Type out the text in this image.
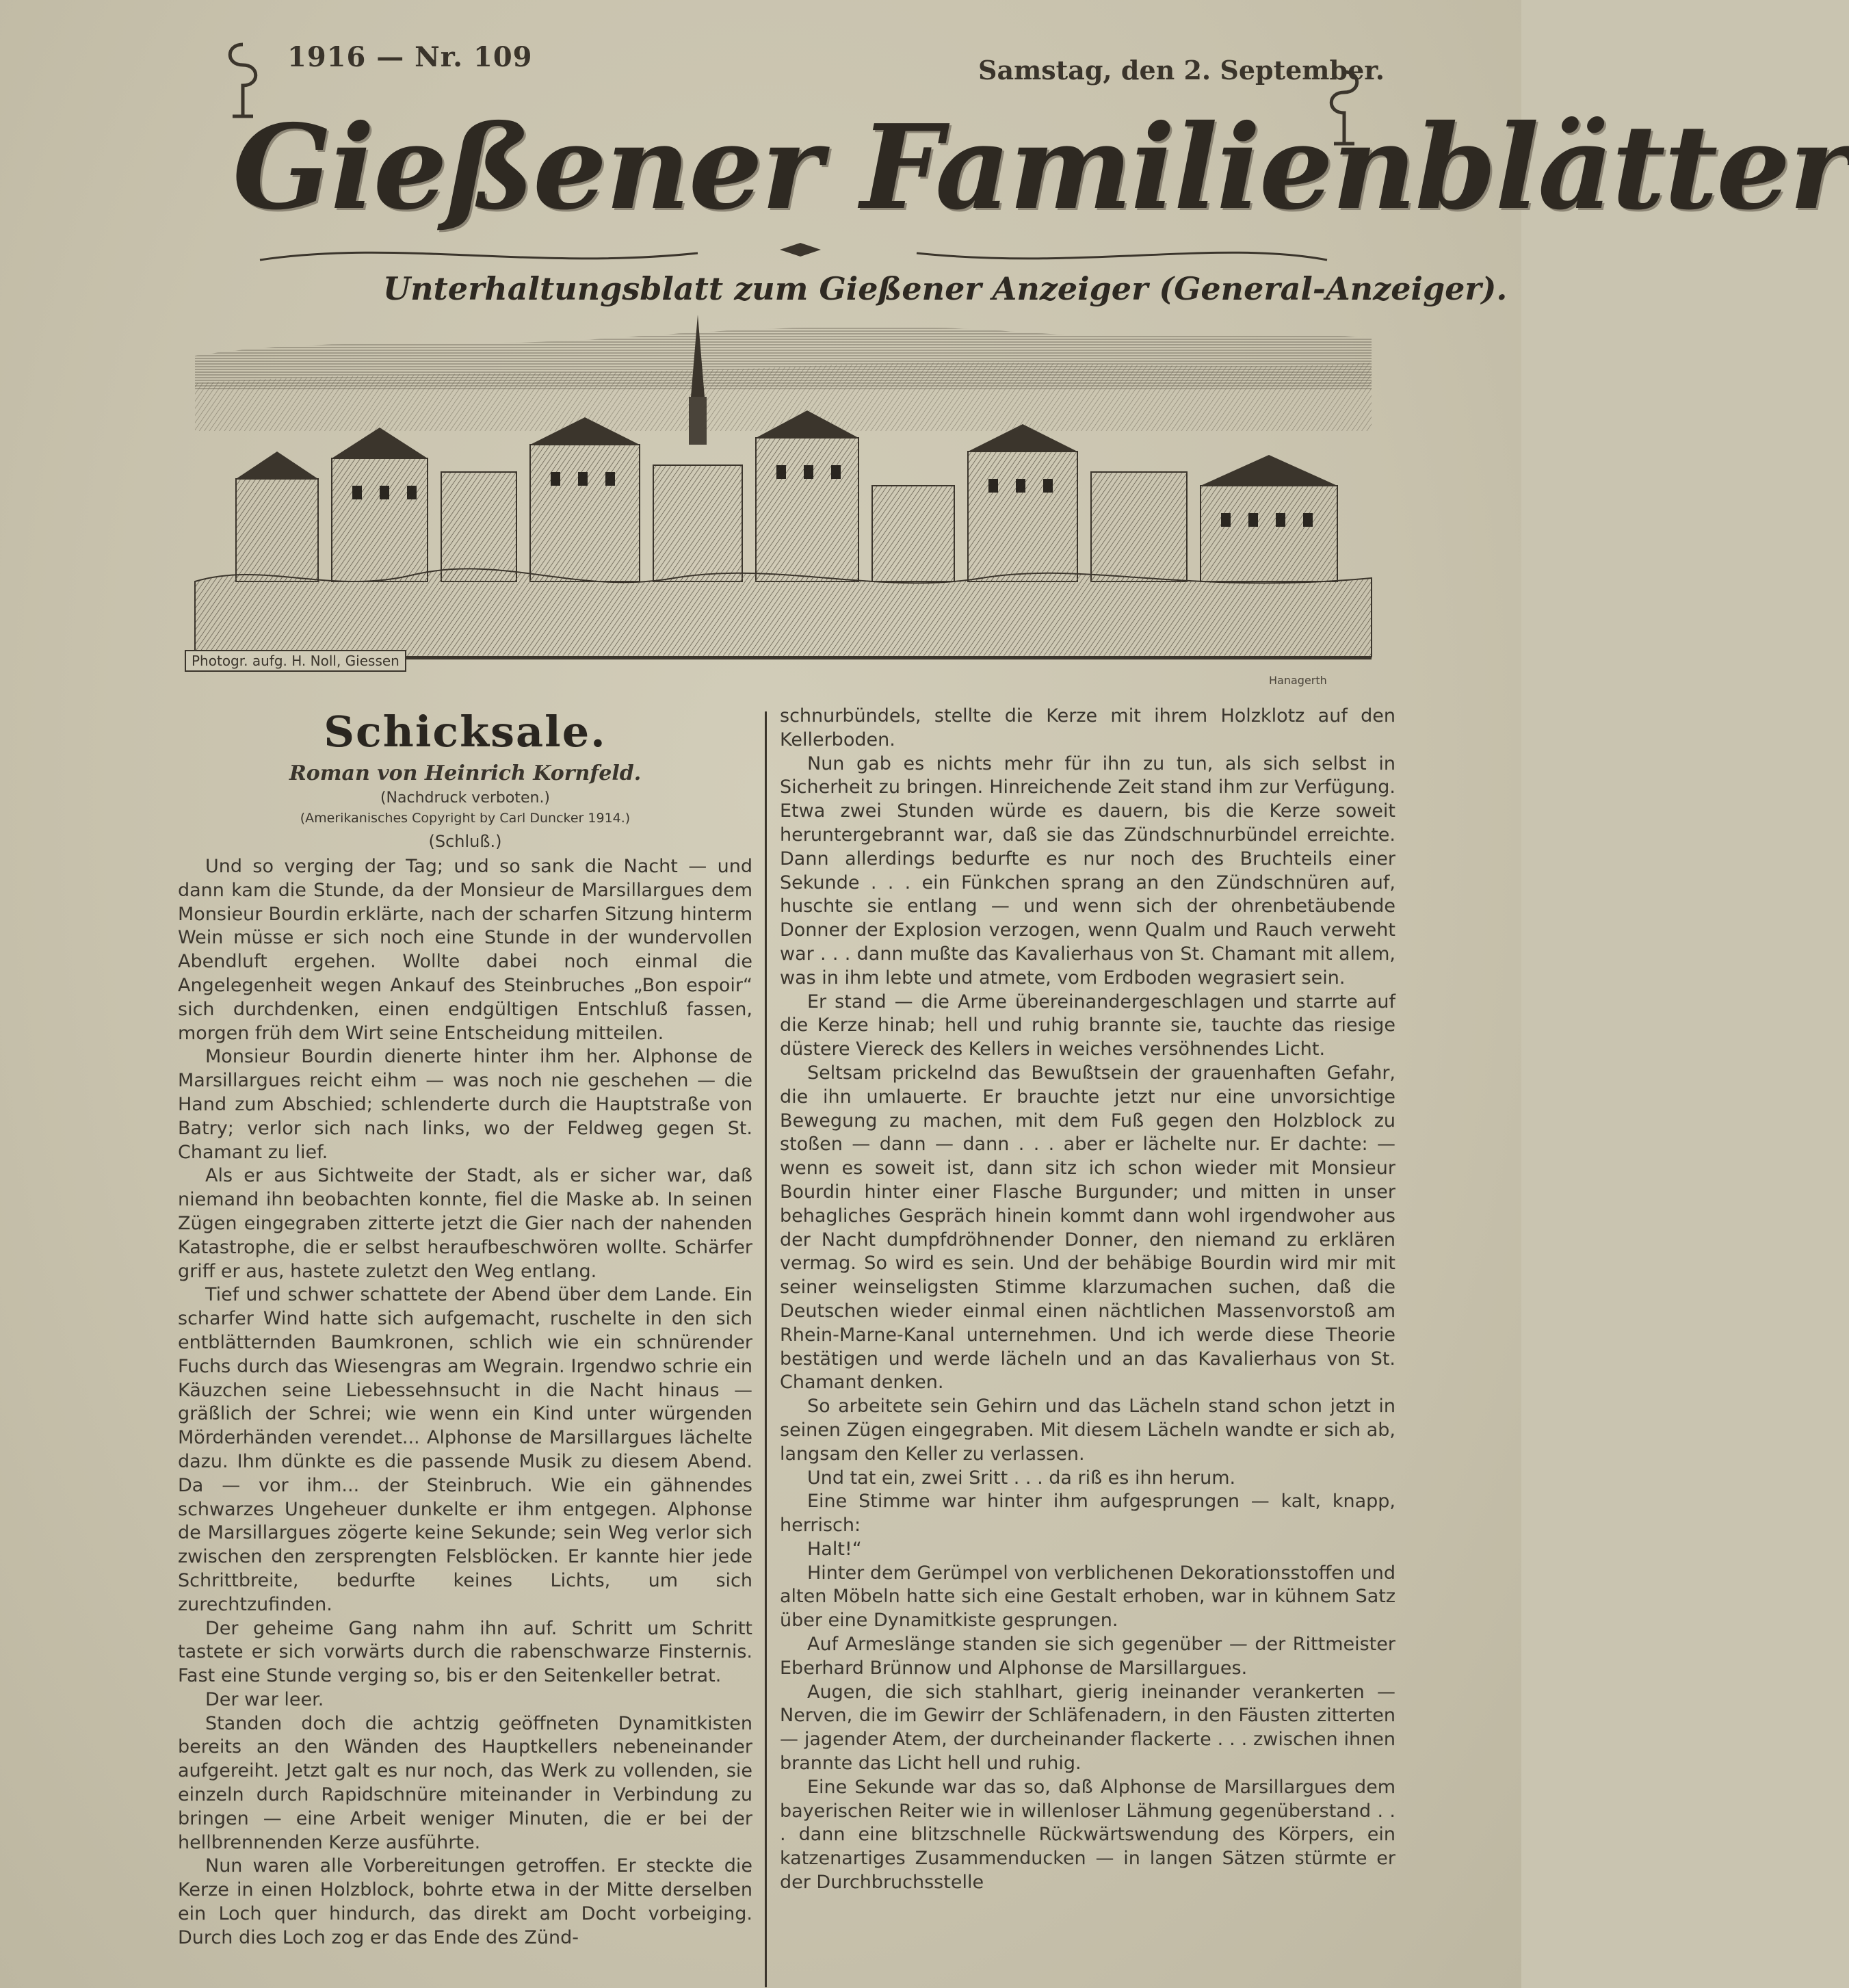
1916 — Nr. 109	Samstag, den 2. September.
Gießener Familienblätter
Unterhaltungsblatt zum Gießener Anzeiger (General-Anzeiger).
Photogr. aufg. H. Noll, Giessen
Hanagerth
Schicksale.

Roman von Heinrich Kornfeld.

(Nachdruck verboten.)

(Amerikanisches Copyright by Carl Duncker 1914.)

(Schluß.)

Und so verging der Tag; und so sank die Nacht — und dann kam die Stunde, da der Monsieur de Marsillargues dem Monsieur Bourdin erklärte, nach der scharfen Sitzung hinterm Wein müsse er sich noch eine Stunde in der wundervollen Abendluft ergehen. Wollte dabei noch einmal die Angelegenheit wegen Ankauf des Steinbruches „Bon espoir“ sich durchdenken, einen endgültigen Entschluß fassen, morgen früh dem Wirt seine Entscheidung mitteilen.

Monsieur Bourdin dienerte hinter ihm her. Alphonse de Marsillargues reicht eihm — was noch nie geschehen — die Hand zum Abschied; schlenderte durch die Hauptstraße von Batry; verlor sich nach links, wo der Feldweg gegen St. Chamant zu lief.

Als er aus Sichtweite der Stadt, als er sicher war, daß niemand ihn beobachten konnte, fiel die Maske ab. In seinen Zügen eingegraben zitterte jetzt die Gier nach der nahenden Katastrophe, die er selbst heraufbeschwören wollte. Schärfer griff er aus, hastete zuletzt den Weg entlang.

Tief und schwer schattete der Abend über dem Lande. Ein scharfer Wind hatte sich aufgemacht, ruschelte in den sich entblätternden Baumkronen, schlich wie ein schnürender Fuchs durch das Wiesengras am Wegrain. Irgendwo schrie ein Käuzchen seine Liebessehnsucht in die Nacht hinaus — gräßlich der Schrei; wie wenn ein Kind unter würgenden Mörderhänden verendet... Alphonse de Marsillargues lächelte dazu. Ihm dünkte es die passende Musik zu diesem Abend. Da — vor ihm... der Steinbruch. Wie ein gähnendes schwarzes Ungeheuer dunkelte er ihm entgegen. Alphonse de Marsillargues zögerte keine Sekunde; sein Weg verlor sich zwischen den zersprengten Felsblöcken. Er kannte hier jede Schrittbreite, bedurfte keines Lichts, um sich zurechtzufinden.

Der geheime Gang nahm ihn auf. Schritt um Schritt tastete er sich vorwärts durch die rabenschwarze Finsternis. Fast eine Stunde verging so, bis er den Seitenkeller betrat.

Der war leer.

Standen doch die achtzig geöffneten Dynamitkisten bereits an den Wänden des Hauptkellers nebeneinander aufgereiht. Jetzt galt es nur noch, das Werk zu vollenden, sie einzeln durch Rapidschnüre miteinander in Verbindung zu bringen — eine Arbeit weniger Minuten, die er bei der hellbrennenden Kerze ausführte.

Nun waren alle Vorbereitungen getroffen. Er steckte die Kerze in einen Holzblock, bohrte etwa in der Mitte derselben ein Loch quer hindurch, das direkt am Docht vorbeiging. Durch dies Loch zog er das Ende des Zünd-

schnurbündels, stellte die Kerze mit ihrem Holzklotz auf den Kellerboden.

Nun gab es nichts mehr für ihn zu tun, als sich selbst in Sicherheit zu bringen. Hinreichende Zeit stand ihm zur Verfügung. Etwa zwei Stunden würde es dauern, bis die Kerze soweit heruntergebrannt war, daß sie das Zündschnurbündel erreichte. Dann allerdings bedurfte es nur noch des Bruchteils einer Sekunde . . . ein Fünkchen sprang an den Zündschnüren auf, huschte sie entlang — und wenn sich der ohrenbetäubende Donner der Explosion verzogen, wenn Qualm und Rauch verweht war . . . dann mußte das Kavalierhaus von St. Chamant mit allem, was in ihm lebte und atmete, vom Erdboden wegrasiert sein.

Er stand — die Arme übereinandergeschlagen und starrte auf die Kerze hinab; hell und ruhig brannte sie, tauchte das riesige düstere Viereck des Kellers in weiches versöhnendes Licht.

Seltsam prickelnd das Bewußtsein der grauenhaften Gefahr, die ihn umlauerte. Er brauchte jetzt nur eine unvorsichtige Bewegung zu machen, mit dem Fuß gegen den Holzblock zu stoßen — dann — dann . . . aber er lächelte nur. Er dachte: — wenn es soweit ist, dann sitz ich schon wieder mit Monsieur Bourdin hinter einer Flasche Burgunder; und mitten in unser behagliches Gespräch hinein kommt dann wohl irgendwoher aus der Nacht dumpfdröhnender Donner, den niemand zu erklären vermag. So wird es sein. Und der behäbige Bourdin wird mir mit seiner weinseligsten Stimme klarzumachen suchen, daß die Deutschen wieder einmal einen nächtlichen Massenvorstoß am Rhein-Marne-Kanal unternehmen. Und ich werde diese Theorie bestätigen und werde lächeln und an das Kavalierhaus von St. Chamant denken.

So arbeitete sein Gehirn und das Lächeln stand schon jetzt in seinen Zügen eingegraben. Mit diesem Lächeln wandte er sich ab, langsam den Keller zu verlassen.

Und tat ein, zwei Sritt . . . da riß es ihn herum.

Eine Stimme war hinter ihm aufgesprungen — kalt, knapp, herrisch:

Halt!“

Hinter dem Gerümpel von verblichenen Dekorationsstoffen und alten Möbeln hatte sich eine Gestalt erhoben, war in kühnem Satz über eine Dynamitkiste gesprungen.

Auf Armeslänge standen sie sich gegenüber — der Rittmeister Eberhard Brünnow und Alphonse de Marsillargues.

Augen, die sich stahlhart, gierig ineinander verankerten — Nerven, die im Gewirr der Schläfenadern, in den Fäusten zitterten — jagender Atem, der durcheinander flackerte . . . zwischen ihnen brannte das Licht hell und ruhig.

Eine Sekunde war das so, daß Alphonse de Marsillargues dem bayerischen Reiter wie in willenloser Lähmung gegenüberstand . . . dann eine blitzschnelle Rückwärtswendung des Körpers, ein katzenartiges Zusammenducken — in langen Sätzen stürmte er der Durchbruchsstelle
